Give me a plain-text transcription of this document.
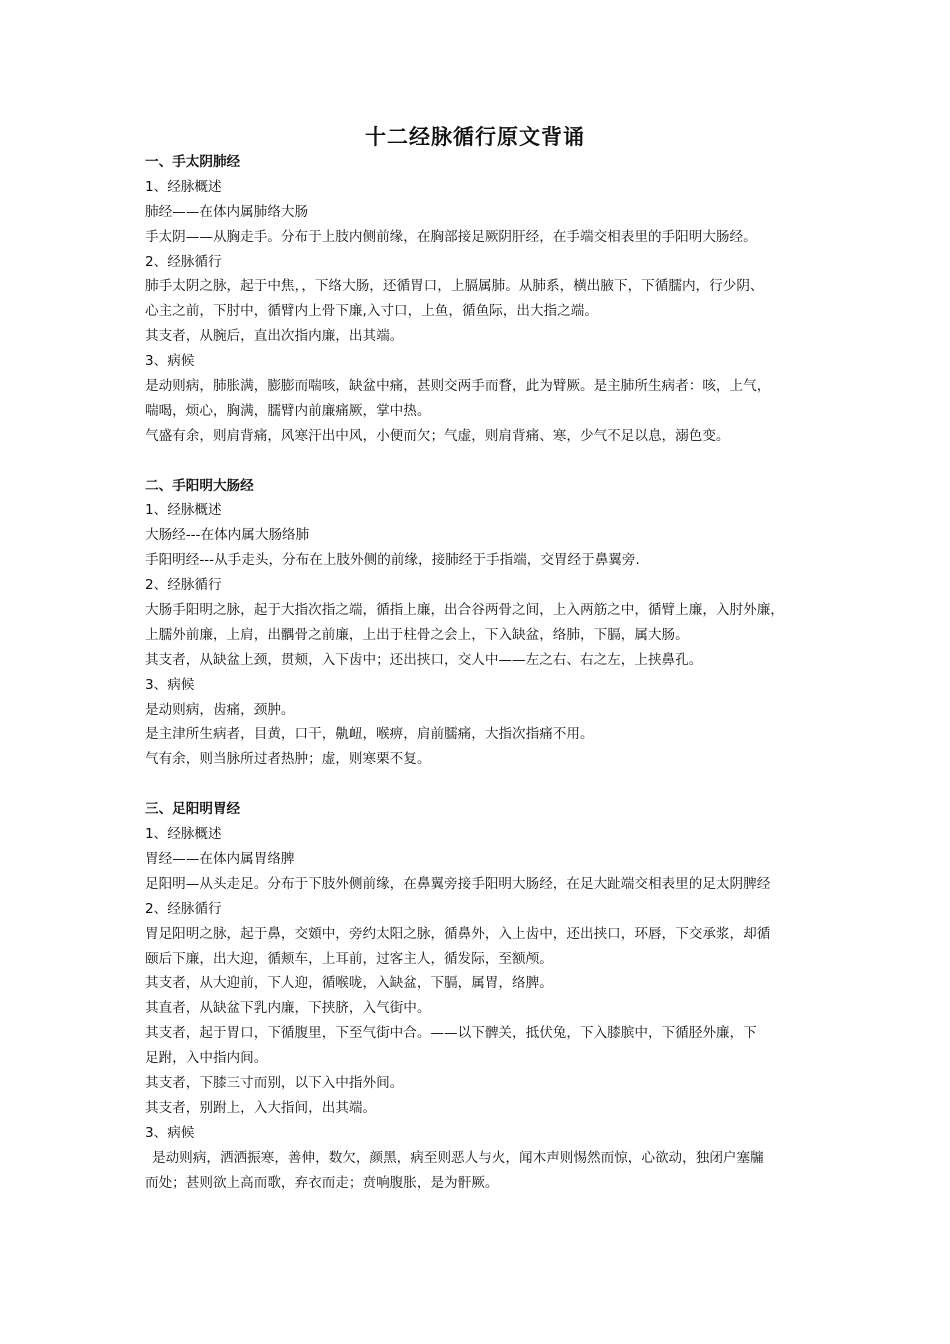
十二经脉循行原文背诵
一、手太阴肺经
1、经脉概述
肺经——在体内属肺络大肠
手太阴——从胸走手。分布于上肢内侧前缘，在胸部接足厥阴肝经，在手端交相表里的手阳明大肠经。
2、经脉循行
肺手太阴之脉，起于中焦，，下络大肠，还循胃口，上膈属肺。从肺系，横出腋下，下循臑内，行少阴、
心主之前，下肘中，循臂内上骨下廉,入寸口，上鱼，循鱼际，出大指之端。
其支者，从腕后，直出次指内廉，出其端。
3、病候
是动则病，肺胀满，膨膨而喘咳，缺盆中痛，甚则交两手而瞀，此为臂厥。是主肺所生病者：咳，上气，
喘喝，烦心，胸满，臑臂内前廉痛厥，掌中热。
气盛有余，则肩背痛，风寒汗出中风，小便而欠；气虚，则肩背痛、寒，少气不足以息，溺色变。
二、手阳明大肠经
1、经脉概述
大肠经---在体内属大肠络肺
手阳明经---从手走头，分布在上肢外侧的前缘，接肺经于手指端，交胃经于鼻翼旁.
2、经脉循行
大肠手阳明之脉，起于大指次指之端，循指上廉，出合谷两骨之间，上入两筋之中，循臂上廉，入肘外廉，
上臑外前廉，上肩，出髃骨之前廉，上出于柱骨之会上，下入缺盆，络肺，下膈，属大肠。
其支者，从缺盆上颈，贯颊，入下齿中；还出挟口，交人中——左之右、右之左，上挟鼻孔。
3、病候
是动则病，齿痛，颈肿。
是主津所生病者，目黄，口干，鼽衄，喉痹，肩前臑痛，大指次指痛不用。
气有余，则当脉所过者热肿；虚，则寒栗不复。
三、足阳明胃经
1、经脉概述
胃经——在体内属胃络脾
足阳明—从头走足。分布于下肢外侧前缘，在鼻翼旁接手阳明大肠经，在足大趾端交相表里的足太阴脾经
2、经脉循行
胃足阳明之脉，起于鼻，交頞中，旁约太阳之脉，循鼻外，入上齿中，还出挟口，环唇，下交承浆，却循
颐后下廉，出大迎，循颊车，上耳前，过客主人，循发际，至额颅。
其支者，从大迎前，下人迎，循喉咙，入缺盆，下膈，属胃，络脾。
其直者，从缺盆下乳内廉，下挟脐，入气街中。
其支者，起于胃口，下循腹里，下至气街中合。——以下髀关，抵伏兔，下入膝膑中，下循胫外廉，下
足跗，入中指内间。
其支者，下膝三寸而别，以下入中指外间。
其支者，别跗上，入大指间，出其端。
3、病候
是动则病，洒洒振寒，善伸，数欠，颜黑，病至则恶人与火，闻木声则惕然而惊，心欲动，独闭户塞牖
而处；甚则欲上高而歌，弃衣而走；贲响腹胀，是为骭厥。
